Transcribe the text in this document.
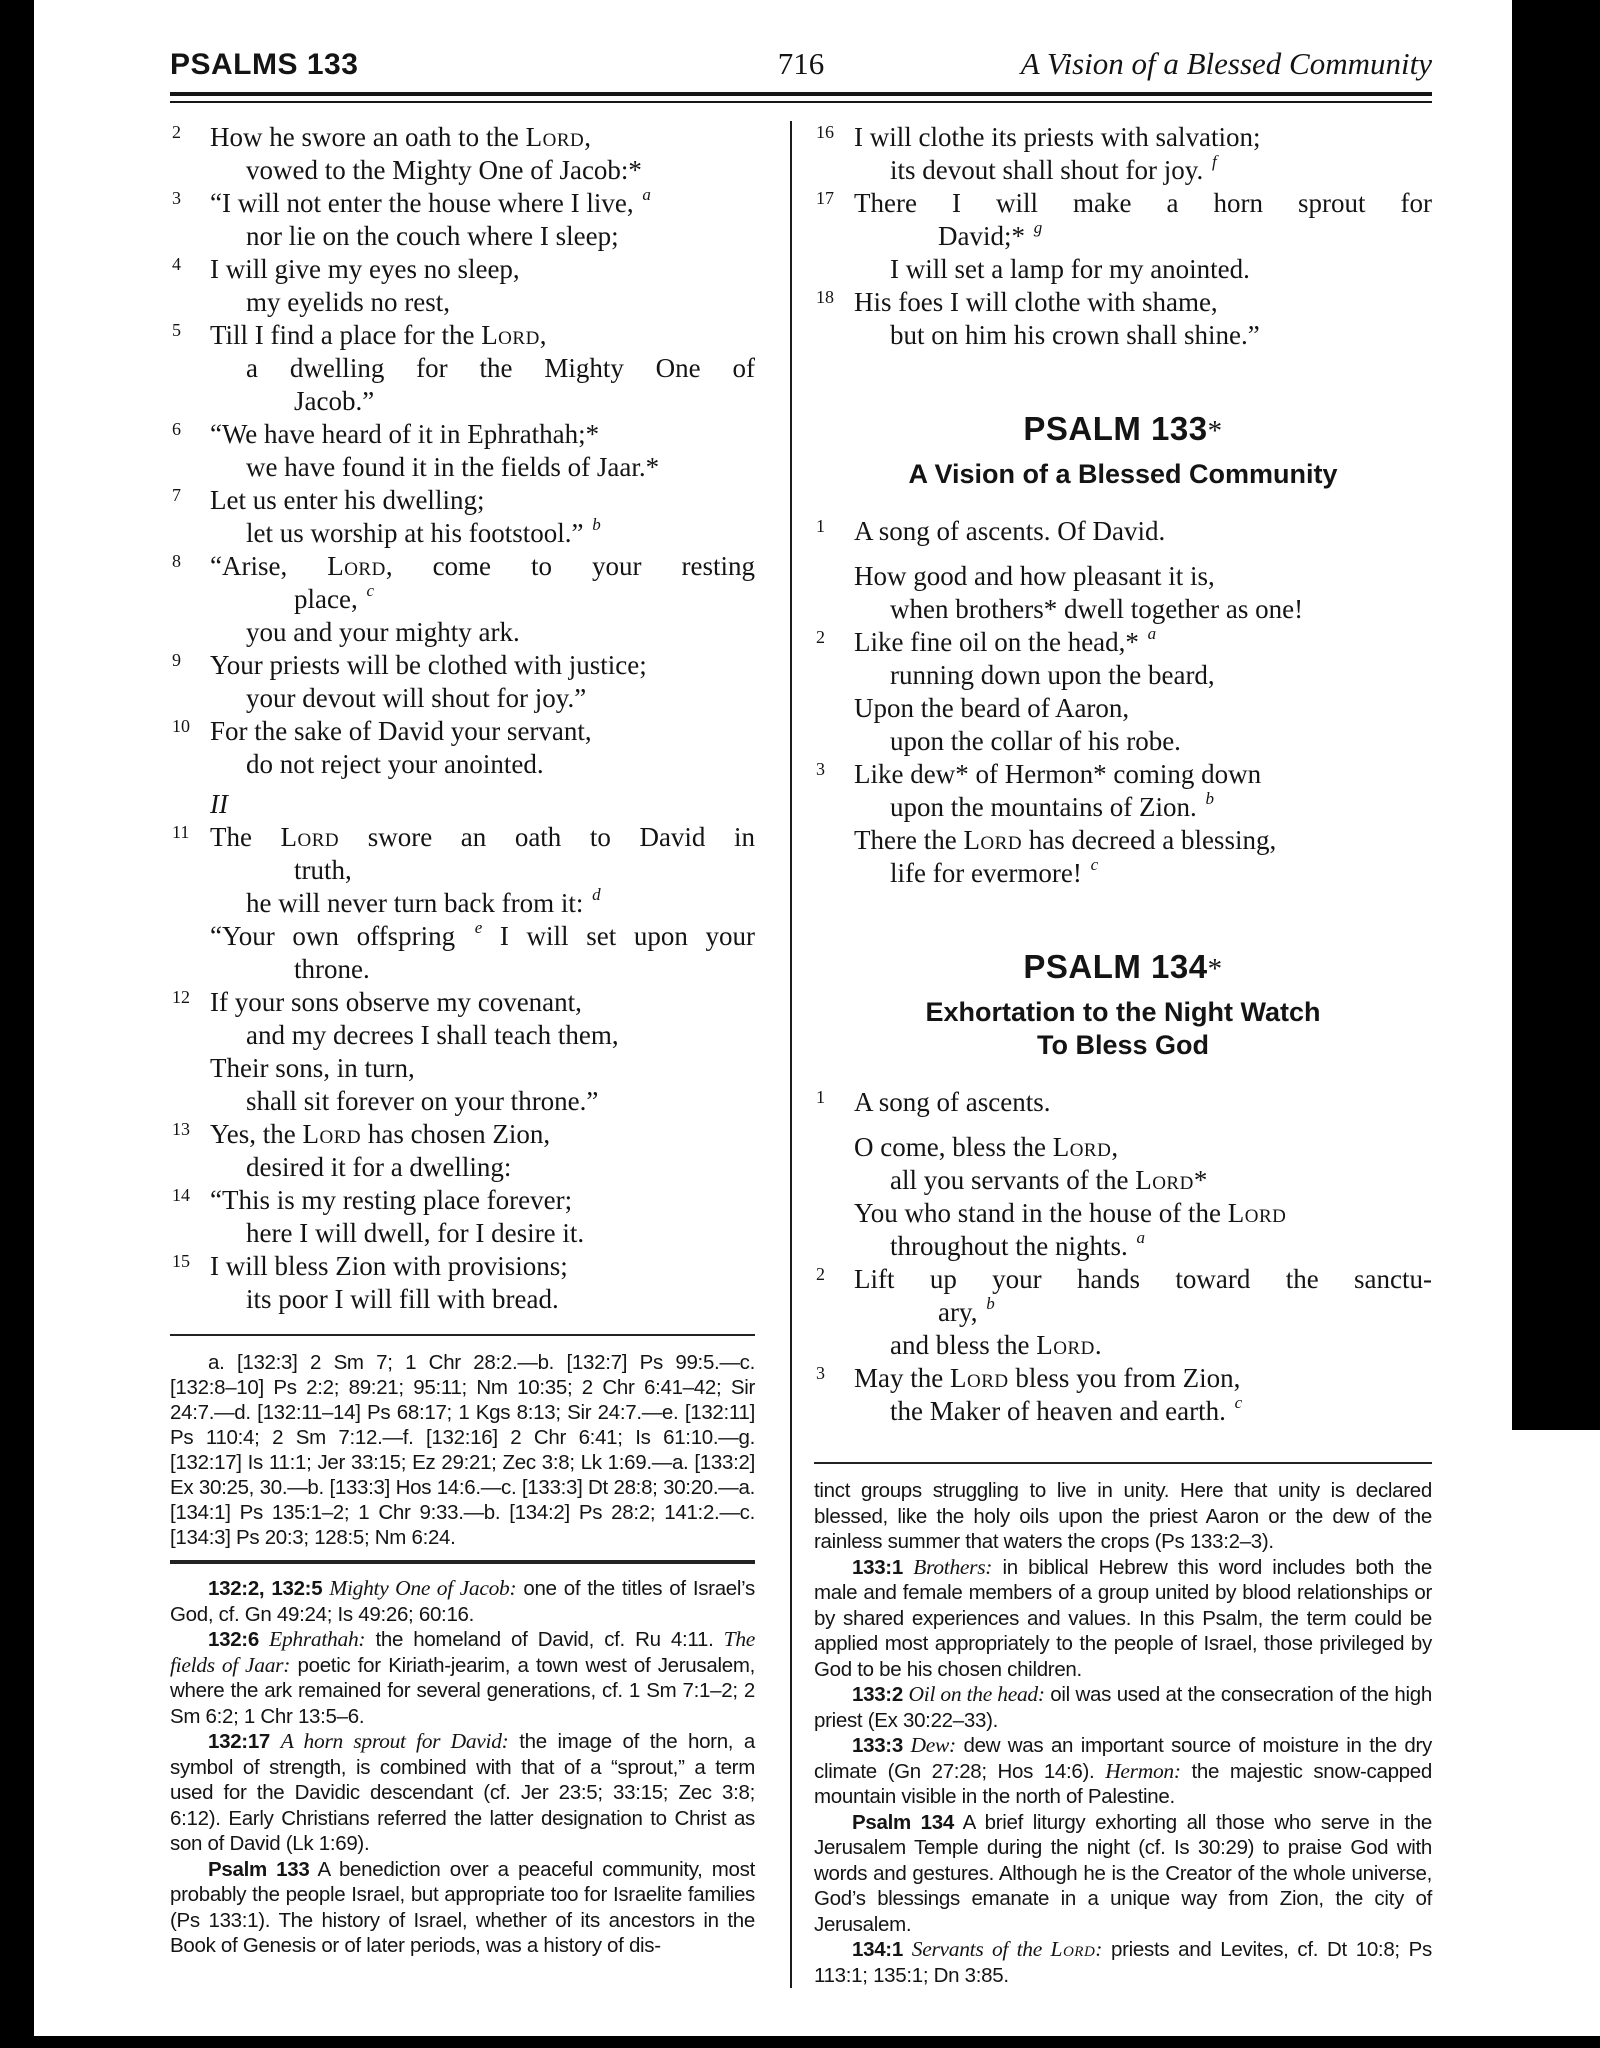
PSALMS 133	716	A Vision of a Blessed Community
2 How he swore an oath to the Lord,
vowed to the Mighty One of Jacob:*
3 “I will not enter the house where I live, $^a$
nor lie on the couch where I sleep;
4 I will give my eyes no sleep,
my eyelids no rest,
5 Till I find a place for the Lord,
a dwelling for the Mighty One of
Jacob.”
6 “We have heard of it in Ephrathah;*
we have found it in the fields of Jaar.*
7 Let us enter his dwelling;
let us worship at his footstool.” $^b$
8 “Arise, Lord, come to your resting
place, $^c$
you and your mighty ark.
9 Your priests will be clothed with justice;
your devout will shout for joy.”
10 For the sake of David your servant,
do not reject your anointed.
II
11 The Lord swore an oath to David in
truth,
he will never turn back from it: $^d$
“Your own offspring $^e$ I will set upon your
throne.
12 If your sons observe my covenant,
and my decrees I shall teach them,
Their sons, in turn,
shall sit forever on your throne.”
13 Yes, the Lord has chosen Zion,
desired it for a dwelling:
14 “This is my resting place forever;
here I will dwell, for I desire it.
15 I will bless Zion with provisions;
its poor I will fill with bread.

a. [132:3] 2 Sm 7; 1 Chr 28:2.—b. [132:7] Ps 99:5.—c. [132:8–10] Ps 2:2; 89:21; 95:11; Nm 10:35; 2 Chr 6:41–42; Sir 24:7.—d. [132:11–14] Ps 68:17; 1 Kgs 8:13; Sir 24:7.—e. [132:11] Ps 110:4; 2 Sm 7:12.—f. [132:16] 2 Chr 6:41; Is 61:10.—g. [132:17] Is 11:1; Jer 33:15; Ez 29:21; Zec 3:8; Lk 1:69.—a. [133:2] Ex 30:25, 30.—b. [133:3] Hos 14:6.—c. [133:3] Dt 28:8; 30:20.—a. [134:1] Ps 135:1–2; 1 Chr 9:33.—b. [134:2] Ps 28:2; 141:2.—c. [134:3] Ps 20:3; 128:5; Nm 6:24.

132:2, 132:5 Mighty One of Jacob: one of the titles of Israel’s God, cf. Gn 49:24; Is 49:26; 60:16.

132:6 Ephrathah: the homeland of David, cf. Ru 4:11. The fields of Jaar: poetic for Kiriath-jearim, a town west of Jerusalem, where the ark remained for several generations, cf. 1 Sm 7:1–2; 2 Sm 6:2; 1 Chr 13:5–6.

132:17 A horn sprout for David: the image of the horn, a symbol of strength, is combined with that of a “sprout,” a term used for the Davidic descendant (cf. Jer 23:5; 33:15; Zec 3:8; 6:12). Early Christians referred the latter designation to Christ as son of David (Lk 1:69).

Psalm 133 A benediction over a peaceful community, most probably the people Israel, but appropriate too for Israelite families (Ps 133:1). The history of Israel, whether of its ancestors in the Book of Genesis or of later periods, was a history of dis-

16 I will clothe its priests with salvation;
its devout shall shout for joy. $^f$
17 There I will make a horn sprout for
David;* $^g$
I will set a lamp for my anointed.
18 His foes I will clothe with shame,
but on him his crown shall shine.”
PSALM 133*
A Vision of a Blessed Community
1 A song of ascents. Of David.
How good and how pleasant it is,
when brothers* dwell together as one!
2 Like fine oil on the head,* $^a$
running down upon the beard,
Upon the beard of Aaron,
upon the collar of his robe.
3 Like dew* of Hermon* coming down
upon the mountains of Zion. $^b$
There the Lord has decreed a blessing,
life for evermore! $^c$
PSALM 134*
Exhortation to the Night Watch
To Bless God
1 A song of ascents.
O come, bless the Lord,
all you servants of the Lord*
You who stand in the house of the Lord
throughout the nights. $^a$
2 Lift up your hands toward the sanctu-
ary, $^b$
and bless the Lord.
3 May the Lord bless you from Zion,
the Maker of heaven and earth. $^c$

tinct groups struggling to live in unity. Here that unity is declared blessed, like the holy oils upon the priest Aaron or the dew of the rainless summer that waters the crops (Ps 133:2–3).

133:1 Brothers: in biblical Hebrew this word includes both the male and female members of a group united by blood relationships or by shared experiences and values. In this Psalm, the term could be applied most appropriately to the people of Israel, those privileged by God to be his chosen children.

133:2 Oil on the head: oil was used at the consecration of the high priest (Ex 30:22–33).

133:3 Dew: dew was an important source of moisture in the dry climate (Gn 27:28; Hos 14:6). Hermon: the majestic snow-capped mountain visible in the north of Palestine.

Psalm 134 A brief liturgy exhorting all those who serve in the Jerusalem Temple during the night (cf. Is 30:29) to praise God with words and gestures. Although he is the Creator of the whole universe, God’s blessings emanate in a unique way from Zion, the city of Jerusalem.

134:1 Servants of the Lord: priests and Levites, cf. Dt 10:8; Ps 113:1; 135:1; Dn 3:85.
